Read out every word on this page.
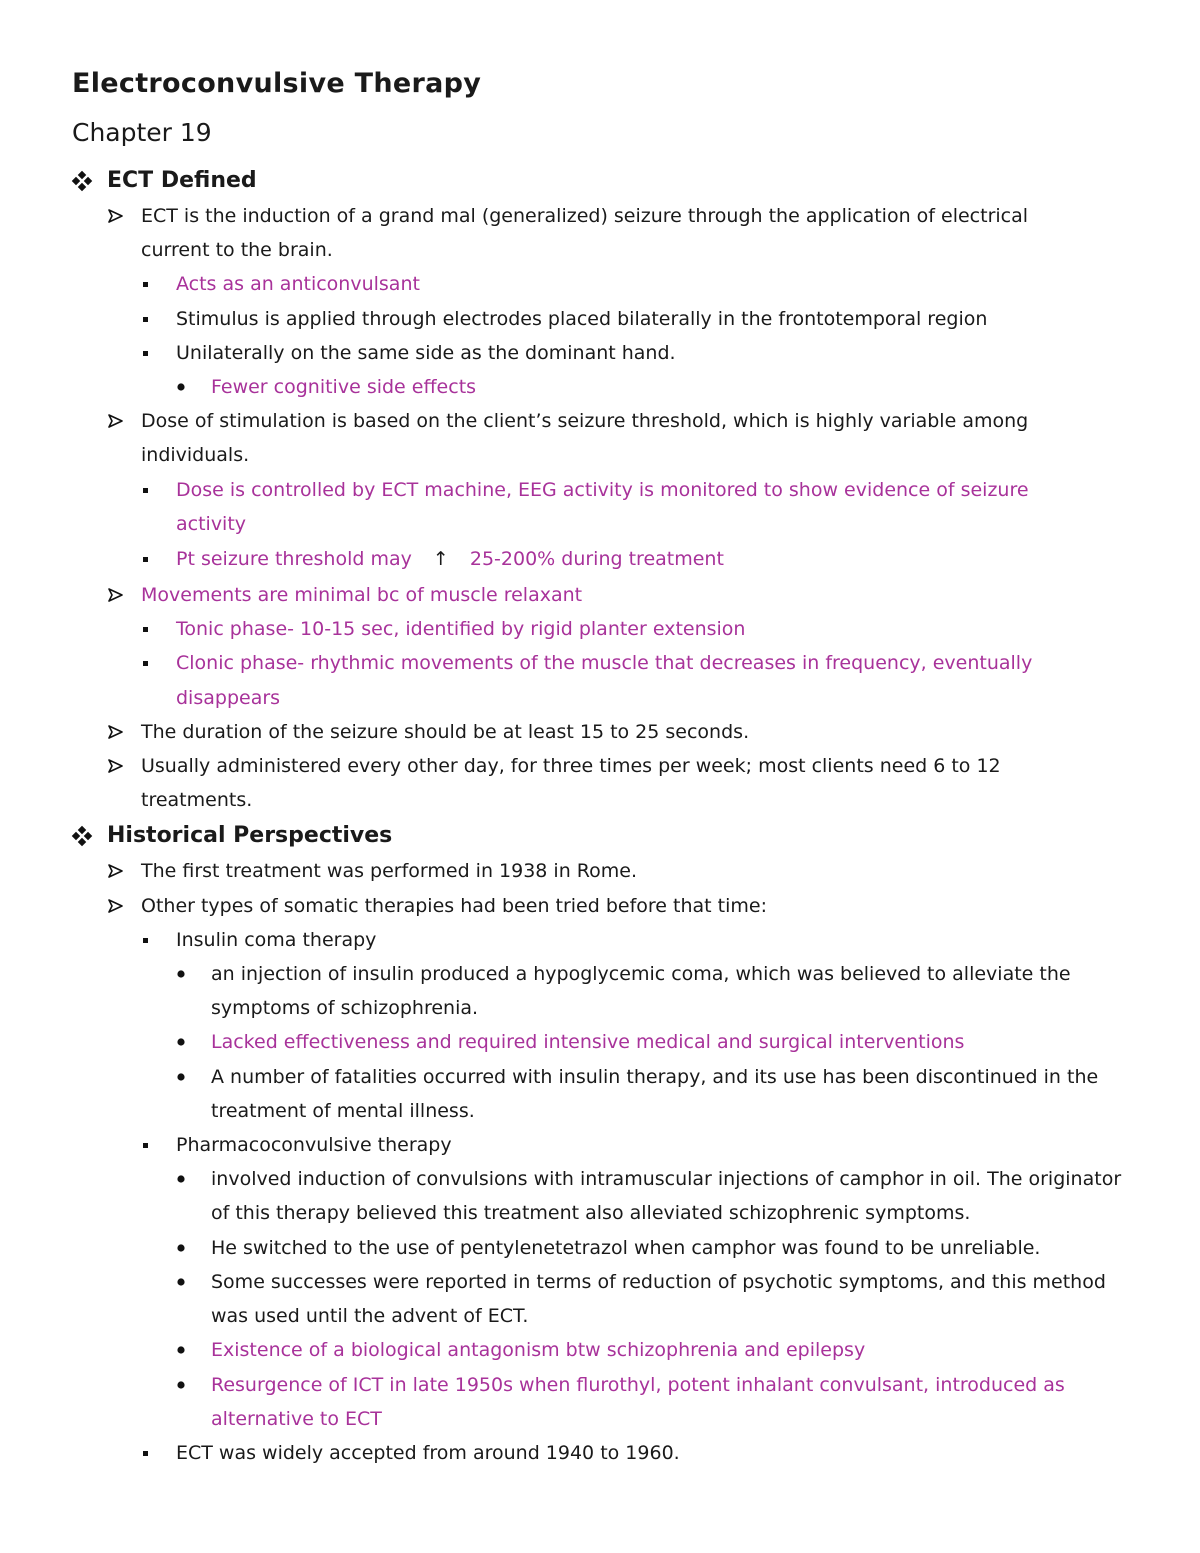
Electroconvulsive Therapy
Chapter 19
ECT Defined
ECT is the induction of a grand mal (generalized) seizure through the application of electrical current to the brain.
Acts as an anticonvulsant
Stimulus is applied through electrodes placed bilaterally in the frontotemporal region
Unilaterally on the same side as the dominant hand.
Fewer cognitive side effects
Dose of stimulation is based on the client’s seizure threshold, which is highly variable among individuals.
Dose is controlled by ECT machine, EEG activity is monitored to show evidence of seizure activity
Pt seizure threshold may ↑ 25-200% during treatment
Movements are minimal bc of muscle relaxant
Tonic phase- 10-15 sec, identified by rigid planter extension
Clonic phase- rhythmic movements of the muscle that decreases in frequency, eventually disappears
The duration of the seizure should be at least 15 to 25 seconds.
Usually administered every other day, for three times per week; most clients need 6 to 12 treatments.
Historical Perspectives
The first treatment was performed in 1938 in Rome.
Other types of somatic therapies had been tried before that time:
Insulin coma therapy
an injection of insulin produced a hypoglycemic coma, which was believed to alleviate the symptoms of schizophrenia.
Lacked effectiveness and required intensive medical and surgical interventions
A number of fatalities occurred with insulin therapy, and its use has been discontinued in the treatment of mental illness.
Pharmacoconvulsive therapy
involved induction of convulsions with intramuscular injections of camphor in oil. The originator of this therapy believed this treatment also alleviated schizophrenic symptoms.
He switched to the use of pentylenetetrazol when camphor was found to be unreliable.
Some successes were reported in terms of reduction of psychotic symptoms, and this method was used until the advent of ECT.
Existence of a biological antagonism btw schizophrenia and epilepsy
Resurgence of ICT in late 1950s when flurothyl, potent inhalant convulsant, introduced as alternative to ECT
ECT was widely accepted from around 1940 to 1960.
